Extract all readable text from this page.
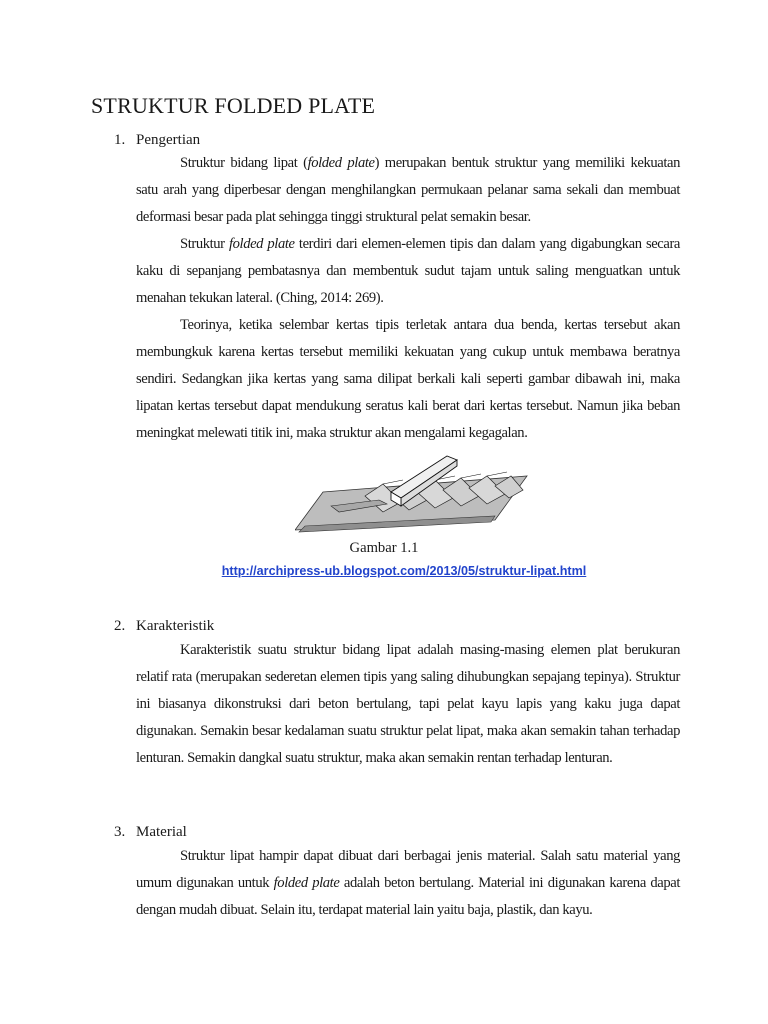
STRUKTUR FOLDED PLATE
1. Pengertian

Struktur bidang lipat (folded plate) merupakan bentuk struktur yang memiliki kekuatan satu arah yang diperbesar dengan menghilangkan permukaan pelanar sama sekali dan membuat deformasi besar pada plat sehingga tinggi struktural pelat semakin besar.

Struktur folded plate terdiri dari elemen-elemen tipis dan dalam yang digabungkan secara kaku di sepanjang pembatasnya dan membentuk sudut tajam untuk saling menguatkan untuk menahan tekukan lateral. (Ching, 2014: 269).

Teorinya, ketika selembar kertas tipis terletak antara dua benda, kertas tersebut akan membungkuk karena kertas tersebut memiliki kekuatan yang cukup untuk membawa beratnya sendiri. Sedangkan jika kertas yang sama dilipat berkali kali seperti gambar dibawah ini, maka lipatan kertas tersebut dapat mendukung seratus kali berat dari kertas tersebut. Namun jika beban meningkat melewati titik ini, maka struktur akan mengalami kegagalan.

Gambar 1.1
http://archipress-ub.blogspot.com/2013/05/struktur-lipat.html
2. Karakteristik

Karakteristik suatu struktur bidang lipat adalah masing-masing elemen plat berukuran relatif rata (merupakan sederetan elemen tipis yang saling dihubungkan sepajang tepinya). Struktur ini biasanya dikonstruksi dari beton bertulang, tapi pelat kayu lapis yang kaku juga dapat digunakan. Semakin besar kedalaman suatu struktur pelat lipat, maka akan semakin tahan terhadap lenturan. Semakin dangkal suatu struktur, maka akan semakin rentan terhadap lenturan.

3. Material

Struktur lipat hampir dapat dibuat dari berbagai jenis material. Salah satu material yang umum digunakan untuk folded plate adalah beton bertulang. Material ini digunakan karena dapat dengan mudah dibuat. Selain itu, terdapat material lain yaitu baja, plastik, dan kayu.
